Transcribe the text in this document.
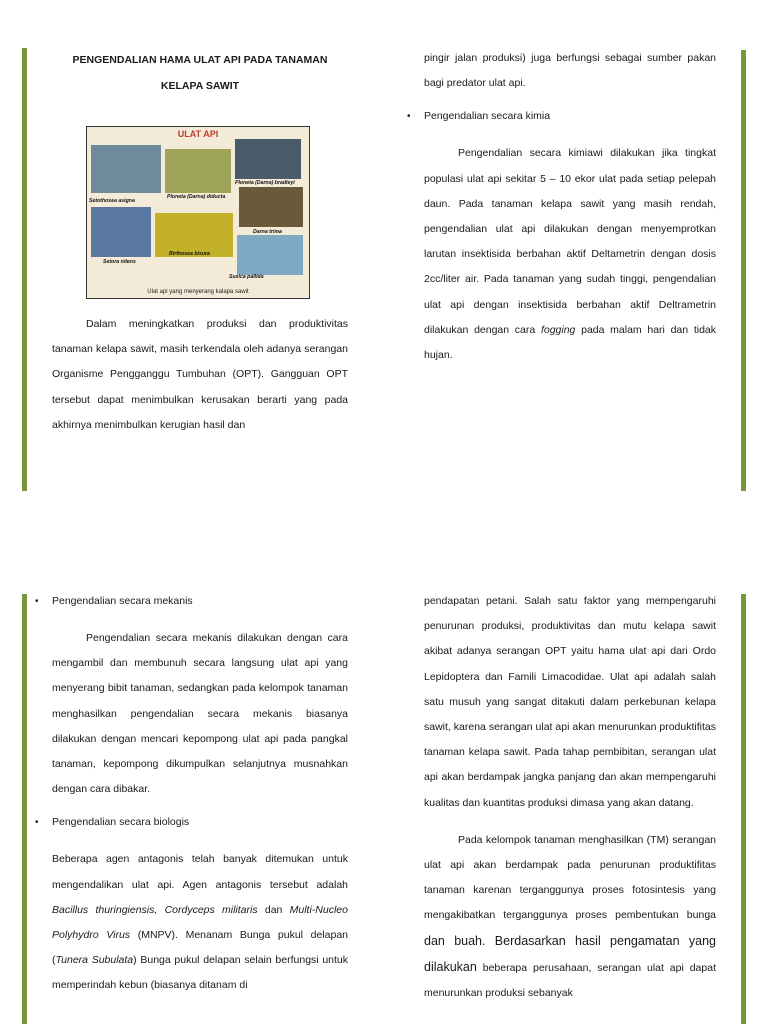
PENGENDALIAN HAMA ULAT API PADA TANAMAN
KELAPA SAWIT
ULAT API
Setothosea asigna
Ploneta (Darna) diducta
Ploneta (Darna) bradleyi
Darna trima
Setora nitens
Birthosea bisura
Susica pallida
Ulat api yang menyerang kalapa sawit

Dalam meningkatkan produksi dan produktivitas tanaman kelapa sawit, masih terkendala oleh adanya serangan Organisme Pengganggu Tumbuhan (OPT). Gangguan OPT tersebut dapat menimbulkan kerusakan berarti yang pada akhirnya menimbulkan kerugian hasil dan

pingir jalan produksi) juga berfungsi sebagai sumber pakan bagi predator ulat api.

• Pengendalian secara kimia

Pengendalian secara kimiawi dilakukan jika tingkat populasi ulat api sekitar 5 – 10 ekor ulat pada setiap pelepah daun. Pada tanaman kelapa sawit yang masih rendah, pengendalian ulat api dilakukan dengan menyemprotkan larutan insektisida berbahan aktif Deltametrin dengan dosis 2cc/liter air. Pada tanaman yang sudah tinggi, pengendalian ulat api dengan insektisida berbahan aktif Deltrametrin dilakukan dengan cara fogging pada malam hari dan tidak hujan.

• Pengendalian secara mekanis

Pengendalian secara mekanis dilakukan dengan cara mengambil dan membunuh secara langsung ulat api yang menyerang bibit tanaman, sedangkan pada kelompok tanaman menghasilkan pengendalian secara mekanis biasanya dilakukan dengan mencari kepompong ulat api pada pangkal tanaman, kepompong dikumpulkan selanjutnya musnahkan dengan cara dibakar.

• Pengendalian secara biologis

Beberapa agen antagonis telah banyak ditemukan untuk mengendalikan ulat api. Agen antagonis tersebut adalah Bacillus thuringiensis, Cordyceps militaris dan Multi-Nucleo Polyhydro Virus (MNPV). Menanam Bunga pukul delapan (Tunera Subulata) Bunga pukul delapan selain berfungsi untuk memperindah kebun (biasanya ditanam di

pendapatan petani. Salah satu faktor yang mempengaruhi penurunan produksi, produktivitas dan mutu kelapa sawit akibat adanya serangan OPT yaitu hama ulat api dari Ordo Lepidoptera dan Famili Limacodidae. Ulat api adalah salah satu musuh yang sangat ditakuti dalam perkebunan kelapa sawit, karena serangan ulat api akan menurunkan produktifitas tanaman kelapa sawit. Pada tahap pembibitan, serangan ulat api akan berdampak jangka panjang dan akan mempengaruhi kualitas dan kuantitas produksi dimasa yang akan datang.

Pada kelompok tanaman menghasilkan (TM) serangan ulat api akan berdampak pada penurunan produktifitas tanaman karenan terganggunya proses fotosintesis yang mengakibatkan terganggunya proses pembentukan bunga dan buah. Berdasarkan hasil pengamatan yang dilakukan beberapa perusahaan, serangan ulat api dapat menurunkan produksi sebanyak
